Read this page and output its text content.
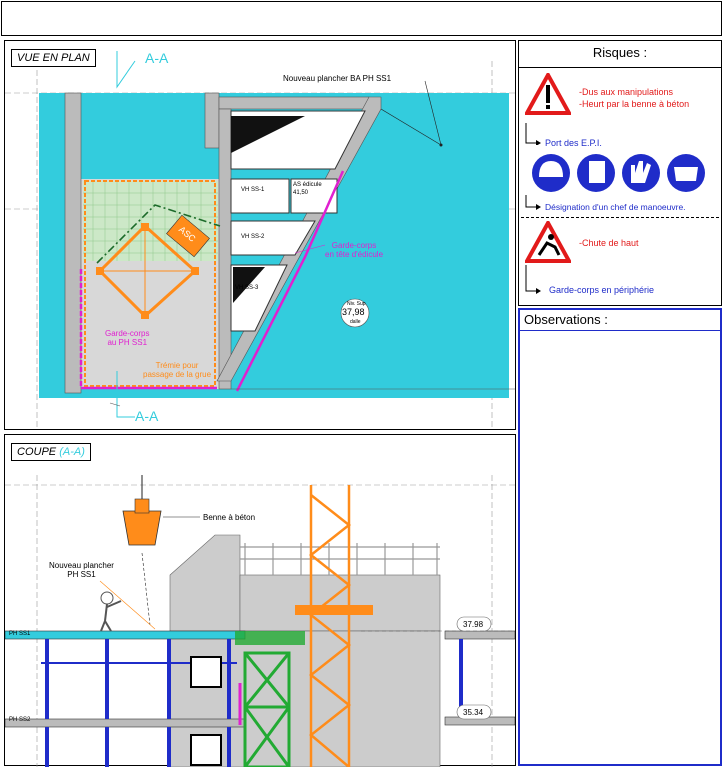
VUE EN PLAN	A-A
A-A
Nouveau plancher BA PH SS1
VH SS-1
AS édicule
41,50
VH SS-2
VH SS-3
ASC
Garde-corps
en tête d'édicule
Garde-corps
au PH SS1
Trémie pour
passage de la grue
Niv. Sup
37,98
dalle
COUPE (A-A)
Benne à béton
Nouveau plancher
PH SS1
PH SS1
PH SS2
37.98
35.34
Risques :
-Dus aux manipulations
-Heurt par la benne à béton
Port des E.P.I.
Désignation d'un chef de manoeuvre.
-Chute de haut
Garde-corps en périphérie
Observations :
